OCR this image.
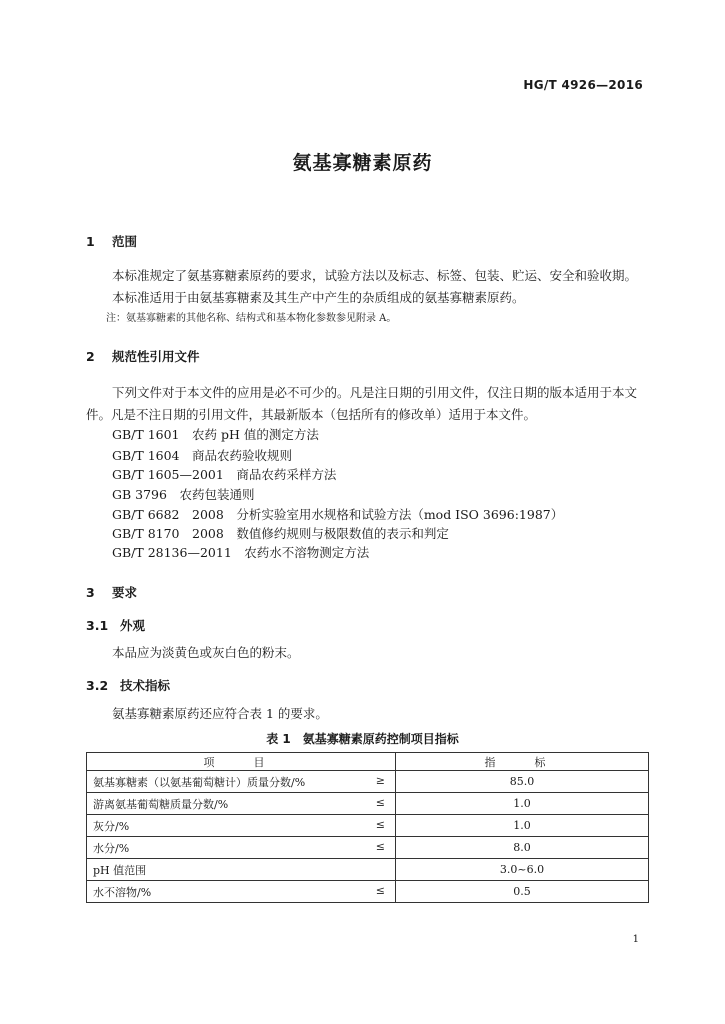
HG/T 4926—2016
氨基寡糖素原药
1 范围
本标准规定了氨基寡糖素原药的要求，试验方法以及标志、标签、包装、贮运、安全和验收期。
本标准适用于由氨基寡糖素及其生产中产生的杂质组成的氨基寡糖素原药。
注：氨基寡糖素的其他名称、结构式和基本物化参数参见附录 A。
2 规范性引用文件
下列文件对于本文件的应用是必不可少的。凡是注日期的引用文件，仅注日期的版本适用于本文
件。凡是不注日期的引用文件，其最新版本（包括所有的修改单）适用于本文件。
GB/T 1601　农药 pH 值的测定方法
GB/T 1604　商品农药验收规则
GB/T 1605—2001　商品农药采样方法
GB 3796　农药包装通则
GB/T 6682　2008　分析实验室用水规格和试验方法（mod ISO 3696:1987）
GB/T 8170　2008　数值修约规则与极限数值的表示和判定
GB/T 28136—2011　农药水不溶物测定方法
3 要求
3.1 外观
本品应为淡黄色或灰白色的粉末。
3.2 技术指标
氨基寡糖素原药还应符合表 1 的要求。
表 1　氨基寡糖素原药控制项目指标
项　目	指　标
氨基寡糖素（以氨基葡萄糖计）质量分数/% ≥	85.0
游离氨基葡萄糖质量分数/% ≤	1.0
灰分/% ≤	1.0
水分/% ≤	8.0
pH 值范围	3.0~6.0
水不溶物/% ≤	0.5
1
